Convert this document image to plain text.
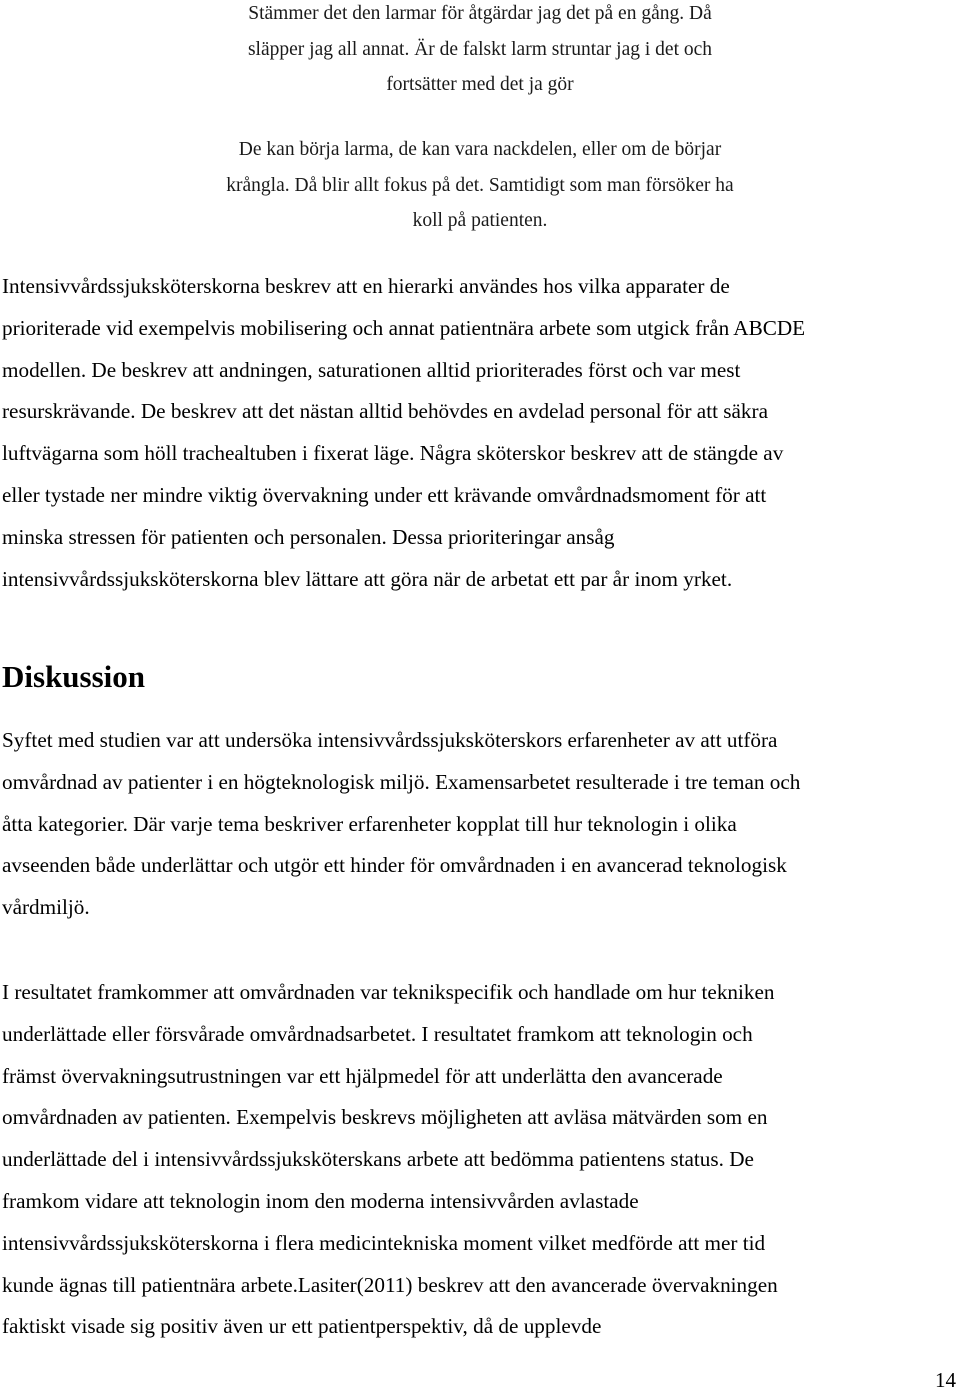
Stämmer det den larmar för åtgärdar jag det på en gång. Då
släpper jag all annat. Är de falskt larm struntar jag i det och
fortsätter med det ja gör
De kan börja larma, de kan vara nackdelen, eller om de börjar
krångla. Då blir allt fokus på det. Samtidigt som man försöker ha
koll på patienten.

Intensivvårdssjuksköterskorna beskrev att en hierarki användes hos vilka apparater de
prioriterade vid exempelvis mobilisering och annat patientnära arbete som utgick från ABCDE
modellen. De beskrev att andningen, saturationen alltid prioriterades först och var mest
resurskrävande. De beskrev att det nästan alltid behövdes en avdelad personal för att säkra
luftvägarna som höll trachealtuben i fixerat läge. Några sköterskor beskrev att de stängde av
eller tystade ner mindre viktig övervakning under ett krävande omvårdnadsmoment för att
minska stressen för patienten och personalen. Dessa prioriteringar ansåg
intensivvårdssjuksköterskorna blev lättare att göra när de arbetat ett par år inom yrket.

Diskussion

Syftet med studien var att undersöka intensivvårdssjuksköterskors erfarenheter av att utföra
omvårdnad av patienter i en högteknologisk miljö. Examensarbetet resulterade i tre teman och
åtta kategorier. Där varje tema beskriver erfarenheter kopplat till hur teknologin i olika
avseenden både underlättar och utgör ett hinder för omvårdnaden i en avancerad teknologisk
vårdmiljö.

I resultatet framkommer att omvårdnaden var teknikspecifik och handlade om hur tekniken
underlättade eller försvårade omvårdnadsarbetet. I resultatet framkom att teknologin och
främst övervakningsutrustningen var ett hjälpmedel för att underlätta den avancerade
omvårdnaden av patienten. Exempelvis beskrevs möjligheten att avläsa mätvärden som en
underlättade del i intensivvårdssjuksköterskans arbete att bedömma patientens status. De
framkom vidare att teknologin inom den moderna intensivvården avlastade
intensivvårdssjuksköterskorna i flera medicintekniska moment vilket medförde att mer tid
kunde ägnas till patientnära arbete.Lasiter(2011) beskrev att den avancerade övervakningen
faktiskt visade sig positiv även ur ett patientperspektiv, då de upplevde

14
